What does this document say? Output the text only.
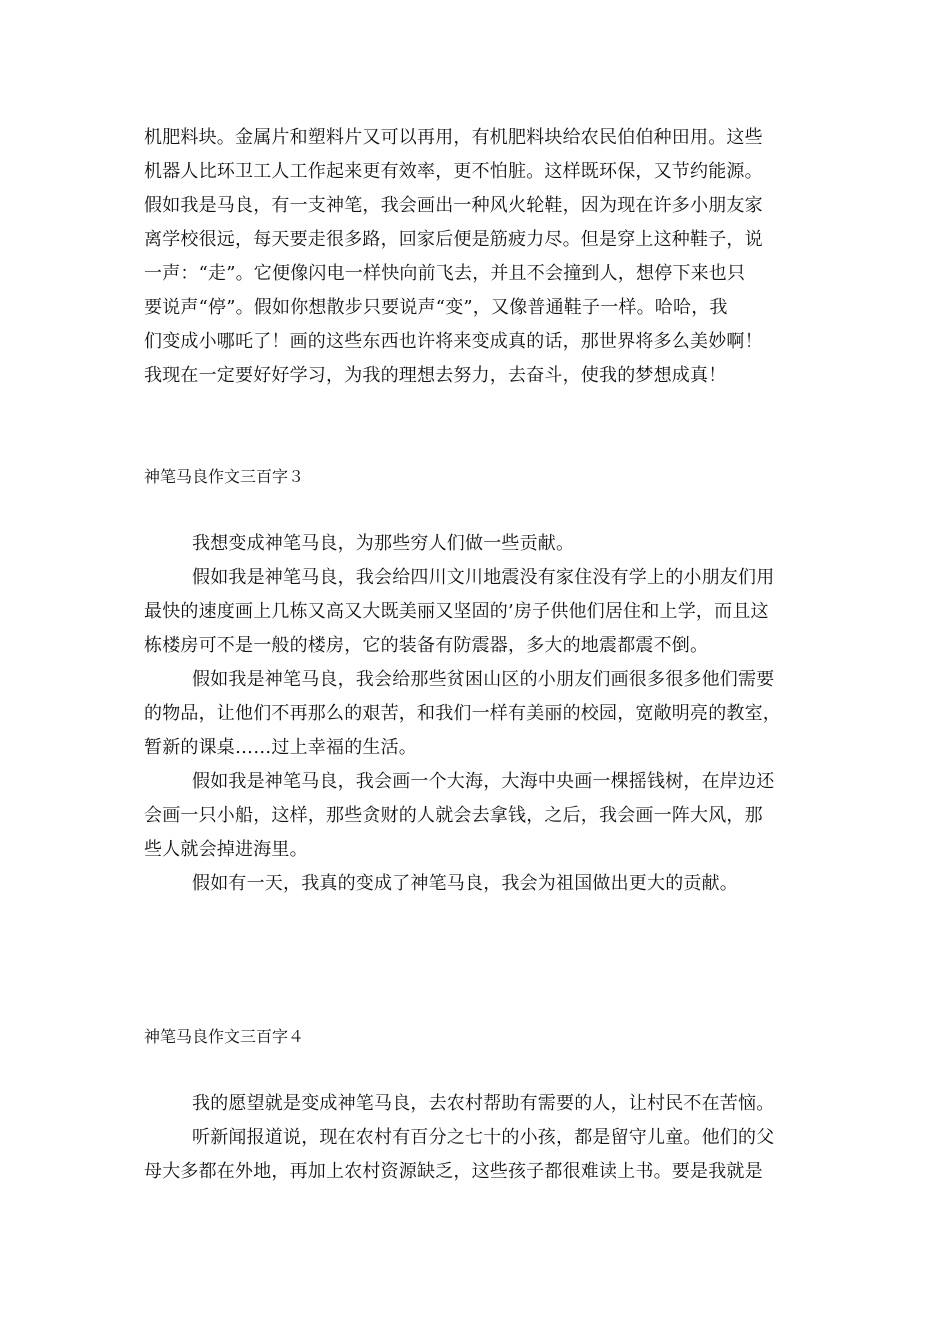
机肥料块。金属片和塑料片又可以再用，有机肥料块给农民伯伯种田用。这些
机器人比环卫工人工作起来更有效率，更不怕脏。这样既环保，又节约能源。
假如我是马良，有一支神笔，我会画出一种风火轮鞋，因为现在许多小朋友家
离学校很远，每天要走很多路，回家后便是筋疲力尽。但是穿上这种鞋子，说
一声：“走”。它便像闪电一样快向前飞去，并且不会撞到人，想停下来也只
要说声“停”。假如你想散步只要说声“变”，又像普通鞋子一样。哈哈，我
们变成小哪吒了！画的这些东西也许将来变成真的话，那世界将多么美妙啊！
我现在一定要好好学习，为我的理想去努力，去奋斗，使我的梦想成真！
神笔马良作文三百字３
我想变成神笔马良，为那些穷人们做一些贡献。
假如我是神笔马良，我会给四川文川地震没有家住没有学上的小朋友们用
最快的速度画上几栋又高又大既美丽又坚固的’房子供他们居住和上学，而且这
栋楼房可不是一般的楼房，它的装备有防震器，多大的地震都震不倒。
假如我是神笔马良，我会给那些贫困山区的小朋友们画很多很多他们需要
的物品，让他们不再那么的艰苦，和我们一样有美丽的校园，宽敞明亮的教室，
暂新的课桌……过上幸福的生活。
假如我是神笔马良，我会画一个大海，大海中央画一棵摇钱树，在岸边还
会画一只小船，这样，那些贪财的人就会去拿钱，之后，我会画一阵大风，那
些人就会掉进海里。
假如有一天，我真的变成了神笔马良，我会为祖国做出更大的贡献。
神笔马良作文三百字４
我的愿望就是变成神笔马良，去农村帮助有需要的人，让村民不在苦恼。
听新闻报道说，现在农村有百分之七十的小孩，都是留守儿童。他们的父
母大多都在外地，再加上农村资源缺乏，这些孩子都很难读上书。要是我就是
